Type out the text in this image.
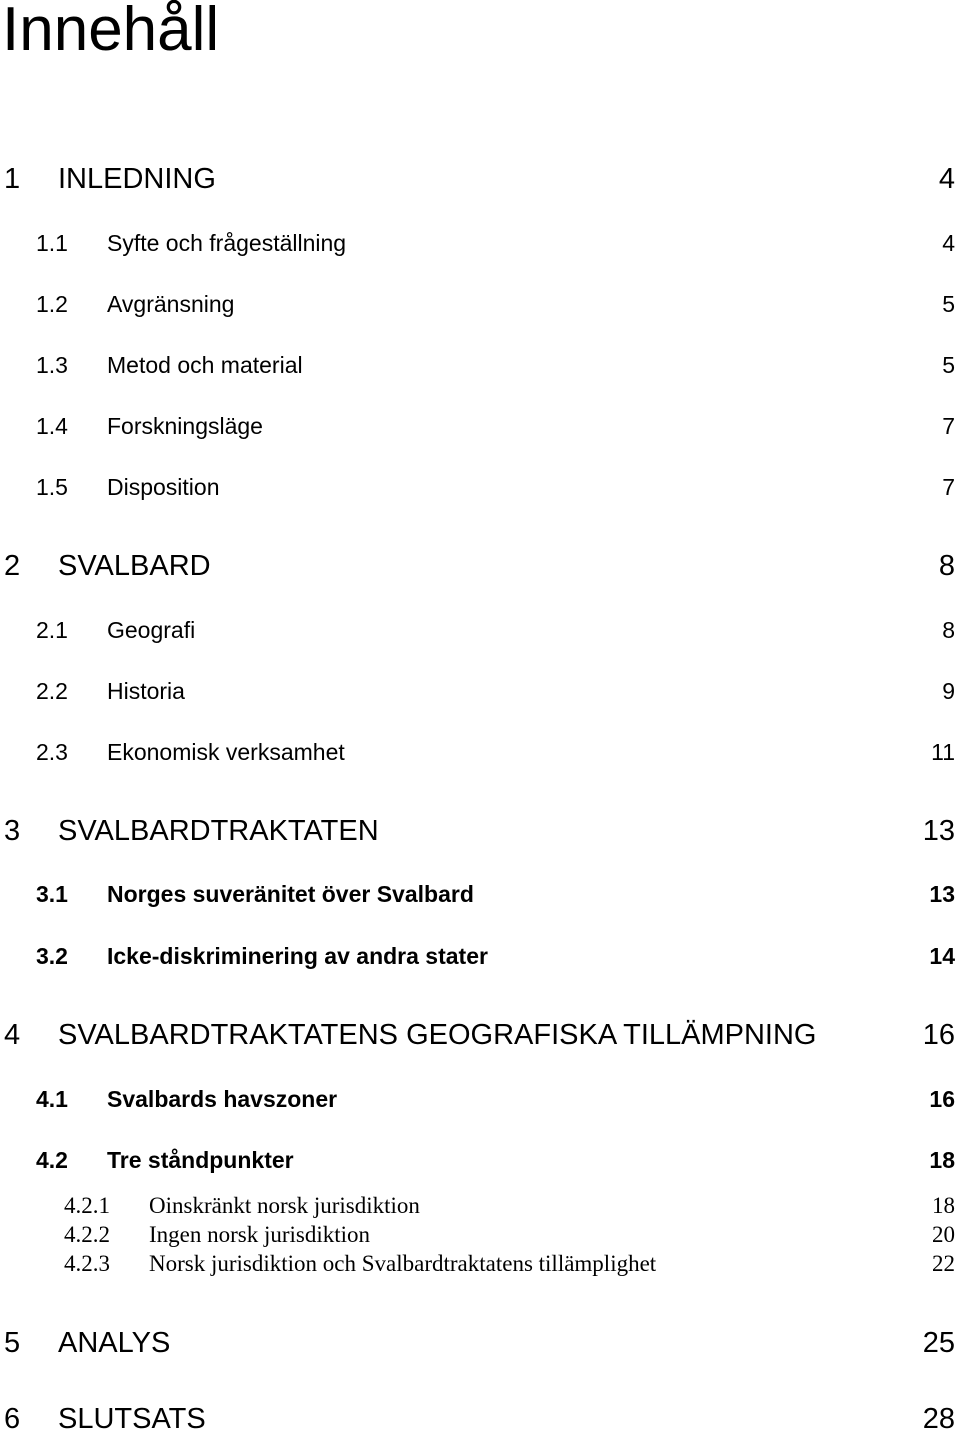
Innehåll
1 INLEDNING	4
1.1 Syfte och frågeställning	4
1.2 Avgränsning	5
1.3 Metod och material	5
1.4 Forskningsläge	7
1.5 Disposition	7
2 SVALBARD	8
2.1 Geografi	8
2.2 Historia	9
2.3 Ekonomisk verksamhet	11
3 SVALBARDTRAKTATEN	13
3.1 Norges suveränitet över Svalbard	13
3.2 Icke-diskriminering av andra stater	14
4 SVALBARDTRAKTATENS GEOGRAFISKA TILLÄMPNING	16
4.1 Svalbards havszoner	16
4.2 Tre ståndpunkter	18
4.2.1 Oinskränkt norsk jurisdiktion	18
4.2.2 Ingen norsk jurisdiktion	20
4.2.3 Norsk jurisdiktion och Svalbardtraktatens tillämplighet	22
5 ANALYS	25
6 SLUTSATS	28
